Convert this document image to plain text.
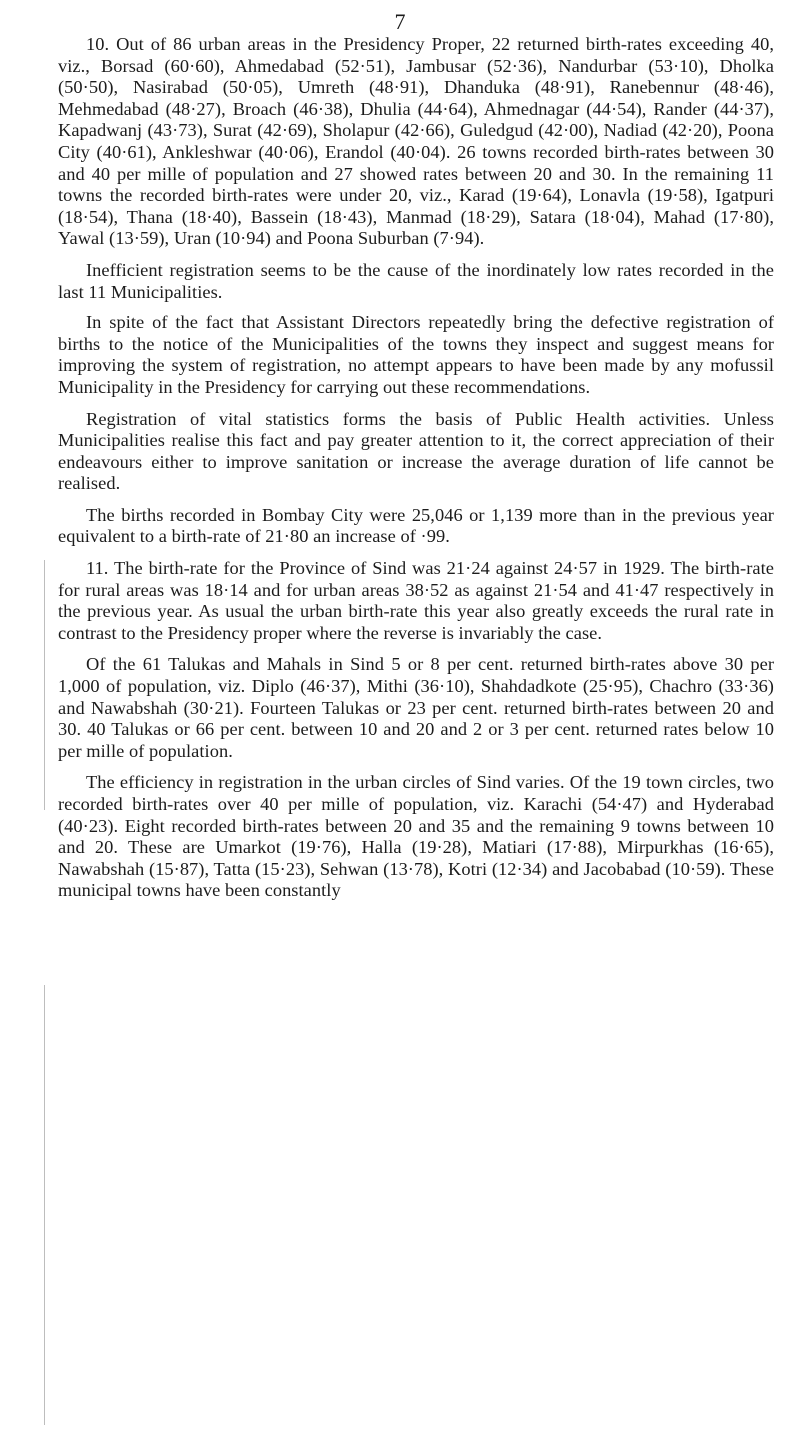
7

10. Out of 86 urban areas in the Presidency Proper, 22 returned birth-rates exceeding 40, viz., Borsad (60·60), Ahmedabad (52·51), Jambusar (52·36), Nandurbar (53·10), Dholka (50·50), Nasirabad (50·05), Umreth (48·91), Dhanduka (48·91), Ranebennur (48·46), Mehmedabad (48·27), Broach (46·38), Dhulia (44·64), Ahmednagar (44·54), Rander (44·37), Kapadwanj (43·73), Surat (42·69), Sholapur (42·66), Guledgud (42·00), Nadiad (42·20), Poona City (40·61), Ankleshwar (40·06), Erandol (40·04). 26 towns recorded birth-rates between 30 and 40 per mille of population and 27 showed rates between 20 and 30. In the remaining 11 towns the recorded birth-rates were under 20, viz., Karad (19·64), Lonavla (19·58), Igatpuri (18·54), Thana (18·40), Bassein (18·43), Manmad (18·29), Satara (18·04), Mahad (17·80), Yawal (13·59), Uran (10·94) and Poona Suburban (7·94).

Inefficient registration seems to be the cause of the inordinately low rates recorded in the last 11 Municipalities.

In spite of the fact that Assistant Directors repeatedly bring the defective registration of births to the notice of the Municipalities of the towns they inspect and suggest means for improving the system of registration, no attempt appears to have been made by any mofussil Municipality in the Presidency for carrying out these recommendations.

Registration of vital statistics forms the basis of Public Health activities. Unless Municipalities realise this fact and pay greater attention to it, the correct appreciation of their endeavours either to improve sanitation or increase the average duration of life cannot be realised.

The births recorded in Bombay City were 25,046 or 1,139 more than in the previous year equivalent to a birth-rate of 21·80 an increase of ·99.

11. The birth-rate for the Province of Sind was 21·24 against 24·57 in 1929. The birth-rate for rural areas was 18·14 and for urban areas 38·52 as against 21·54 and 41·47 respectively in the previous year. As usual the urban birth-rate this year also greatly exceeds the rural rate in contrast to the Presidency proper where the reverse is invariably the case.

Of the 61 Talukas and Mahals in Sind 5 or 8 per cent. returned birth-rates above 30 per 1,000 of population, viz. Diplo (46·37), Mithi (36·10), Shahdadkote (25·95), Chachro (33·36) and Nawabshah (30·21). Fourteen Talukas or 23 per cent. returned birth-rates between 20 and 30. 40 Talukas or 66 per cent. between 10 and 20 and 2 or 3 per cent. returned rates below 10 per mille of population.

The efficiency in registration in the urban circles of Sind varies. Of the 19 town circles, two recorded birth-rates over 40 per mille of population, viz. Karachi (54·47) and Hyderabad (40·23). Eight recorded birth-rates between 20 and 35 and the remaining 9 towns between 10 and 20. These are Umarkot (19·76), Halla (19·28), Matiari (17·88), Mirpurkhas (16·65), Nawabshah (15·87), Tatta (15·23), Sehwan (13·78), Kotri (12·34) and Jacobabad (10·59). These municipal towns have been constantly
